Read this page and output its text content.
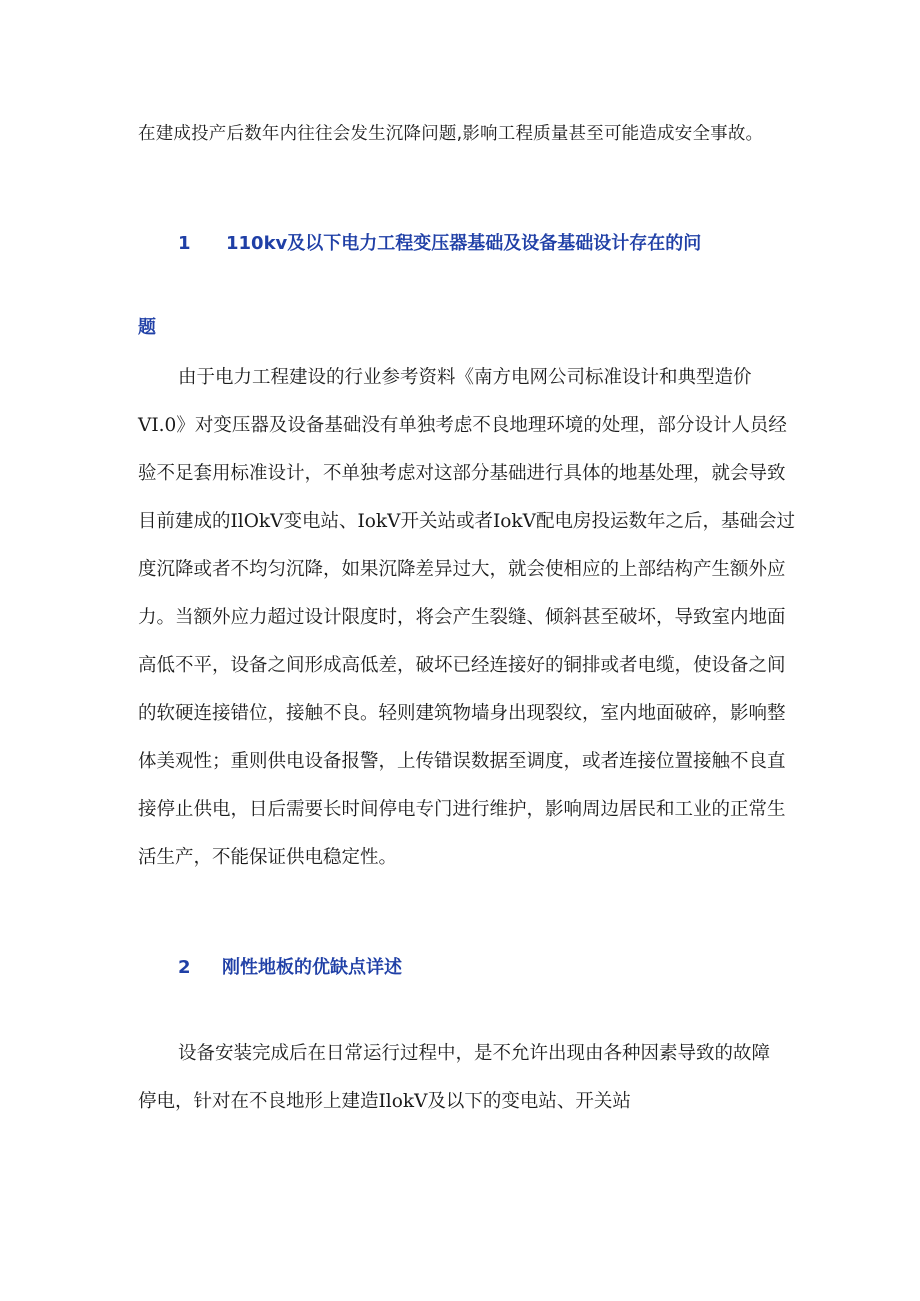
在建成投产后数年内往往会发生沉降问题,影响工程质量甚至可能造成安全事故。
1 110kv及以下电力工程变压器基础及设备基础设计存在的问
题
由于电力工程建设的行业参考资料《南方电网公司标准设计和典型造价
VI.0》对变压器及设备基础没有单独考虑不良地理环境的处理，部分设计人员经
验不足套用标准设计，不单独考虑对这部分基础进行具体的地基处理，就会导致
目前建成的IlOkV变电站、IokV开关站或者IokV配电房投运数年之后，基础会过
度沉降或者不均匀沉降，如果沉降差异过大，就会使相应的上部结构产生额外应
力。当额外应力超过设计限度时，将会产生裂缝、倾斜甚至破坏，导致室内地面
高低不平，设备之间形成高低差，破坏已经连接好的铜排或者电缆，使设备之间
的软硬连接错位，接触不良。轻则建筑物墙身出现裂纹，室内地面破碎，影响整
体美观性；重则供电设备报警，上传错误数据至调度，或者连接位置接触不良直
接停止供电，日后需要长时间停电专门进行维护，影响周边居民和工业的正常生
活生产，不能保证供电稳定性。
2 刚性地板的优缺点详述
设备安装完成后在日常运行过程中，是不允许出现由各种因素导致的故障
停电，针对在不良地形上建造IlokV及以下的变电站、开关站
